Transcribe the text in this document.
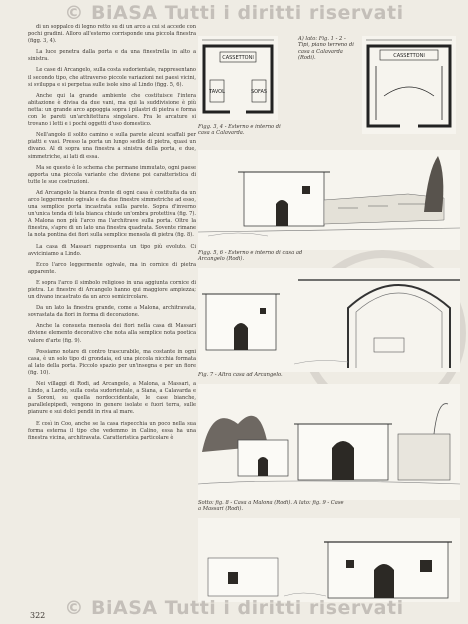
© BiASA Tutti i diritti riservati

di un soppalco di legno retto su di un arco a cui si accede con pochi gradini. Alloro all'esterno corrisponde una piccola finestra (figg. 3, 4).

La luce penetra dalla porta e da una finestrella in alto a sinistra.

Le case di Arcangelo, sulla costa sudorientale, rappresentano il secondo tipo, che attraverso piccole variazioni nei paesi vicini, si sviluppa e si perpetua sulle isole sino al Lindo (figg. 5, 6).

Anche qui la grande ambiente che costituisce l'intera abitazione è divisa da due vani, ma qui la suddivisione è più netta: un grande arco appoggia sopra i pilastri di pietra e forma con le pareti un'architettura singolare. Fra le arcature si trovano i letti e i pochi oggetti d'uso domestico.

Nell'angolo il solito camino e sulla parete alcuni scaffali per piatti e vasi. Presso la porta un lungo sedile di pietra, quasi un divano. Al di sopra una finestra a sinistra della porta, e due, simmetriche, ai lati di essa.

Ma se questo è lo schema che permane immutato, ogni paese apporta una piccola variante che diviene poi caratteristica di tutte le sue costruzioni.

Ad Arcangelo la bianca fronte di ogni casa è costituita da un arco leggermente ogivale e da due finestre simmetriche ad esso, una semplice porta incastrata sulla parete. Sopra d'inverno un'unica tenda di tela bianca chiude un'ombra protettiva (fig. 7). A Malona non più l'arco ma l'architrave sulla porta. Oltre la finestra, s'apre di un lato una finestra quadrata. Sovente rimane la nota pontina dei fiori sulla semplice mensola di pietra (fig. 8).

La casa di Massari rappresenta un tipo più evoluto. Ci avviciniamo a Lindo.

Ecco l'arco leggermente ogivale, ma in cornice di pietra apparente.

E sopra l'arco il simbolo religioso in una aggiunta cornice di pietra. Le finestre di Arcangelo hanno qui maggiore ampiezza; un divano incastrato da un arco semicircolare.

Da un lato la finestra grande, come a Malona, architravata, sovrastata da fiori in forma di decorazione.

Anche la consueta mensola dei fiori nella casa di Massari diviene elemento decorativo che nota alla semplice nota poetica valore d'arte (fig. 9).

Possiamo notare di contro trascurabile, ma costante in ogni casa, è un solo tipo di grondaia, ed una piccola nicchia formata al lato della porta. Piccolo spazio per un'insegna e per un fiore (fig. 10).

Nei villaggi di Rodi, ad Arcangelo, a Malona, a Massari, a Lindo, a Lardo, sulla costa sudorientale, a Siana, a Calavarda e a Soroni, su quella nordoccidentale, le case bianche, parallelepipedi, vengono in genere isolate e fuori terra, sulle pianure e sui dolci pendii in riva al mare.

E così in Coo, anche se la casa rispecchia un poco nella sua forma esterna il tipo che vedemmo in Calino, essa ha una finestra vicina, architravata. Caratteristica particolare è

CASSETTONI
TAVOL	SOFAS
A) lato: Fig. 1 - 2 - Tipi, piano terreno di casa a Calavarda (Rodi).	CASSETTONI
Figg. 3, 4 - Esterno e interno di casa a Calavarda.
Figg. 5, 6 - Esterno e interno di casa ad Arcangelo (Rodi).
Fig. 7 - Altra casa ad Arcangelo.
Sotto: fig. 8 - Casa a Malona (Rodi). A lato: fig. 9 - Case a Massari (Rodi).
322	© BiASA Tutti i diritti riservati
